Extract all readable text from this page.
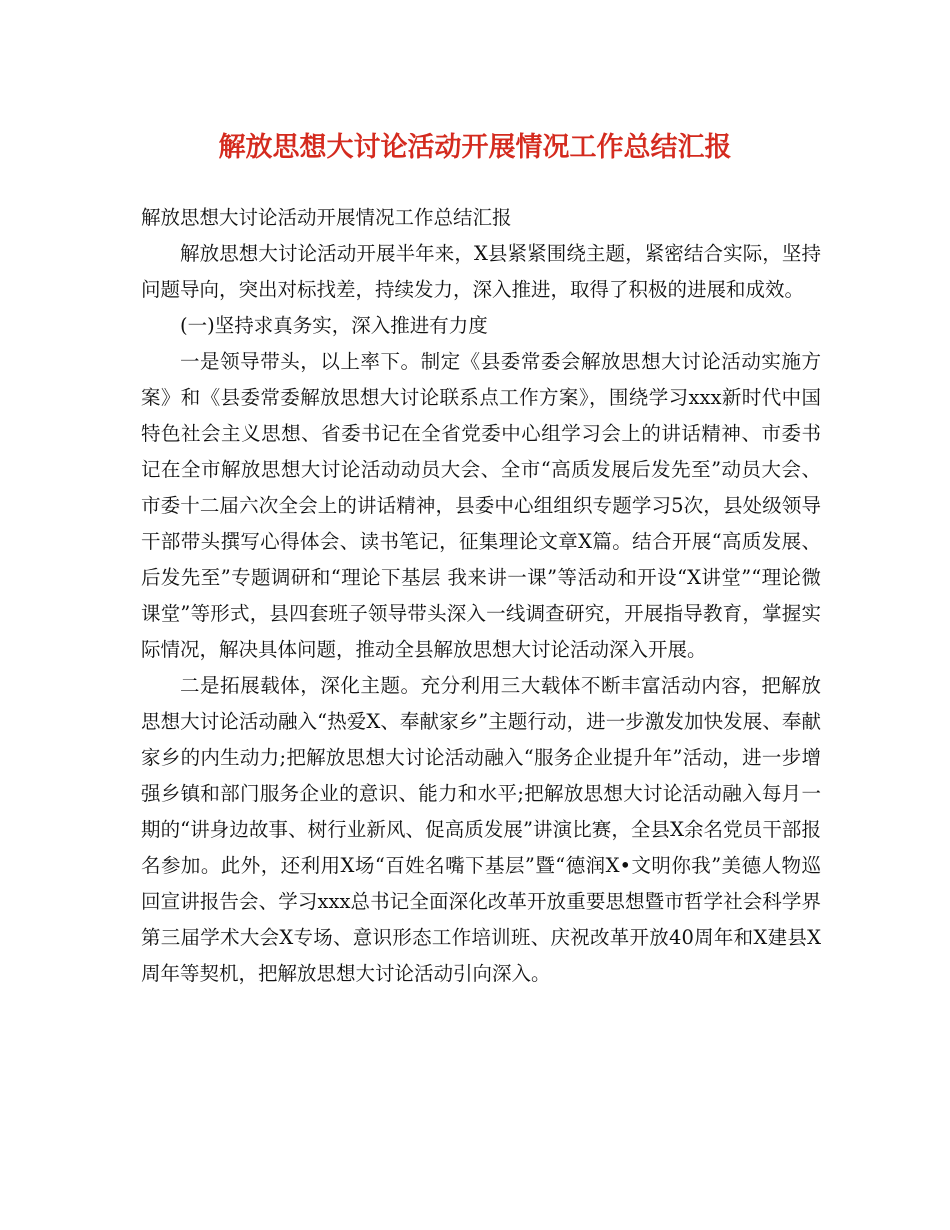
解放思想大讨论活动开展情况工作总结汇报

解放思想大讨论活动开展情况工作总结汇报

解放思想大讨论活动开展半年来，X县紧紧围绕主题，紧密结合实际，坚持问题导向，突出对标找差，持续发力，深入推进，取得了积极的进展和成效。

(一)坚持求真务实，深入推进有力度

一是领导带头，以上率下。制定《县委常委会解放思想大讨论活动实施方案》和《县委常委解放思想大讨论联系点工作方案》，围绕学习xxx新时代中国特色社会主义思想、省委书记在全省党委中心组学习会上的讲话精神、市委书记在全市解放思想大讨论活动动员大会、全市“高质发展后发先至”动员大会、市委十二届六次全会上的讲话精神，县委中心组组织专题学习5次，县处级领导干部带头撰写心得体会、读书笔记，征集理论文章X篇。结合开展“高质发展、后发先至”专题调研和“理论下基层 我来讲一课”等活动和开设“X讲堂”“理论微课堂”等形式，县四套班子领导带头深入一线调查研究，开展指导教育，掌握实际情况，解决具体问题，推动全县解放思想大讨论活动深入开展。

二是拓展载体，深化主题。充分利用三大载体不断丰富活动内容，把解放思想大讨论活动融入“热爱X、奉献家乡”主题行动，进一步激发加快发展、奉献家乡的内生动力;把解放思想大讨论活动融入“服务企业提升年”活动，进一步增强乡镇和部门服务企业的意识、能力和水平;把解放思想大讨论活动融入每月一期的“讲身边故事、树行业新风、促高质发展”讲演比赛，全县X余名党员干部报名参加。此外，还利用X场“百姓名嘴下基层”暨“德润X•文明你我”美德人物巡回宣讲报告会、学习xxx总书记全面深化改革开放重要思想暨市哲学社会科学界第三届学术大会X专场、意识形态工作培训班、庆祝改革开放40周年和X建县X周年等契机，把解放思想大讨论活动引向深入。
